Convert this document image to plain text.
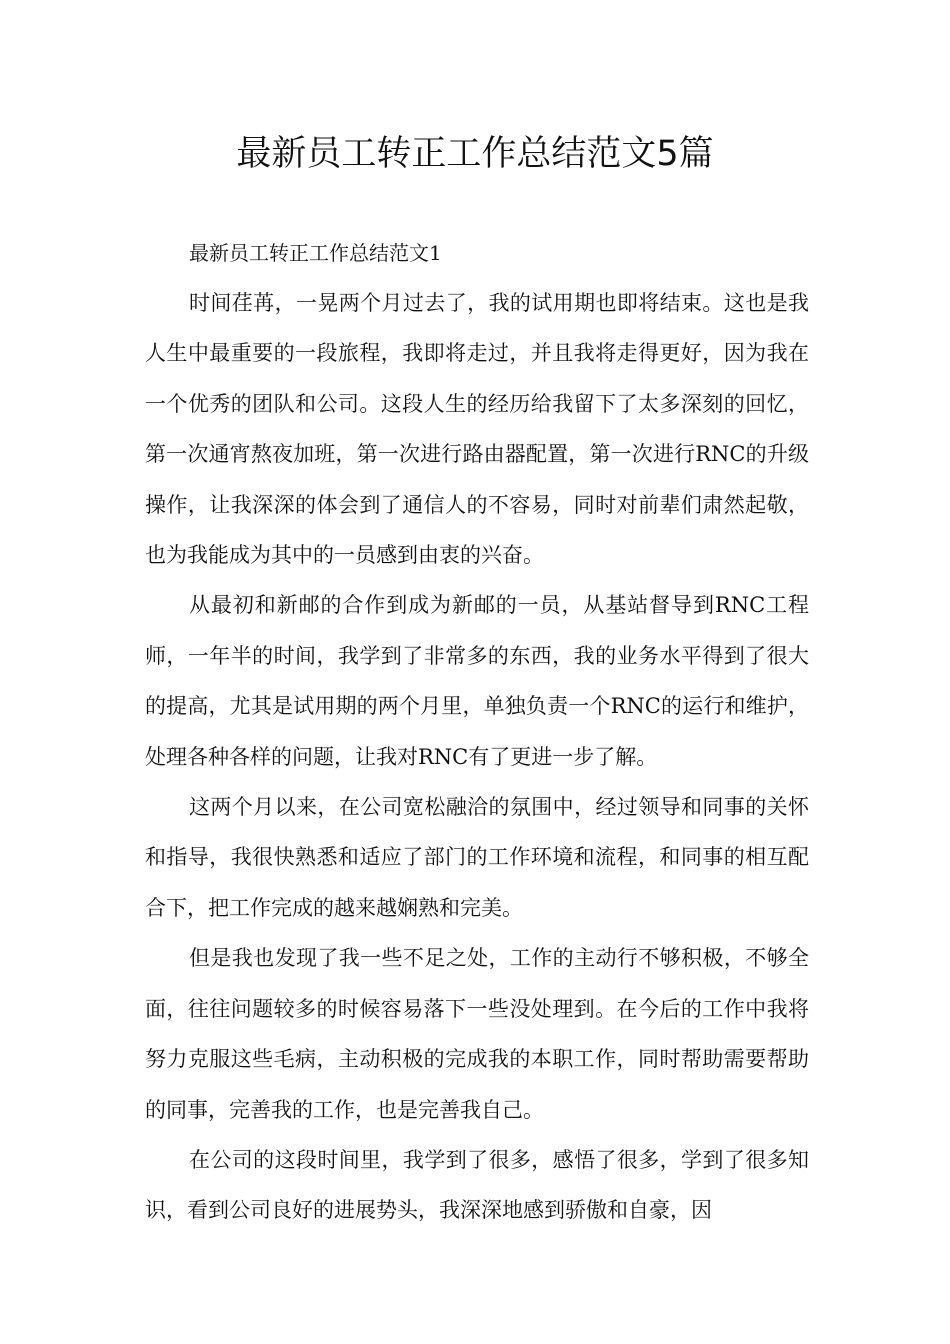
最新员工转正工作总结范文5篇

最新员工转正工作总结范文1

时间荏苒，一晃两个月过去了，我的试用期也即将结束。这也是我人生中最重要的一段旅程，我即将走过，并且我将走得更好，因为我在一个优秀的团队和公司。这段人生的经历给我留下了太多深刻的回忆，第一次通宵熬夜加班，第一次进行路由器配置，第一次进行RNC的升级操作，让我深深的体会到了通信人的不容易，同时对前辈们肃然起敬，也为我能成为其中的一员感到由衷的兴奋。

从最初和新邮的合作到成为新邮的一员，从基站督导到RNC工程师，一年半的时间，我学到了非常多的东西，我的业务水平得到了很大的提高，尤其是试用期的两个月里，单独负责一个RNC的运行和维护，处理各种各样的问题，让我对RNC有了更进一步了解。

这两个月以来，在公司宽松融洽的氛围中，经过领导和同事的关怀和指导，我很快熟悉和适应了部门的工作环境和流程，和同事的相互配合下，把工作完成的越来越娴熟和完美。

但是我也发现了我一些不足之处，工作的主动行不够积极，不够全面，往往问题较多的时候容易落下一些没处理到。在今后的工作中我将努力克服这些毛病，主动积极的完成我的本职工作，同时帮助需要帮助的同事，完善我的工作，也是完善我自己。

在公司的这段时间里，我学到了很多，感悟了很多，学到了很多知识，看到公司良好的进展势头，我深深地感到骄傲和自豪，因
